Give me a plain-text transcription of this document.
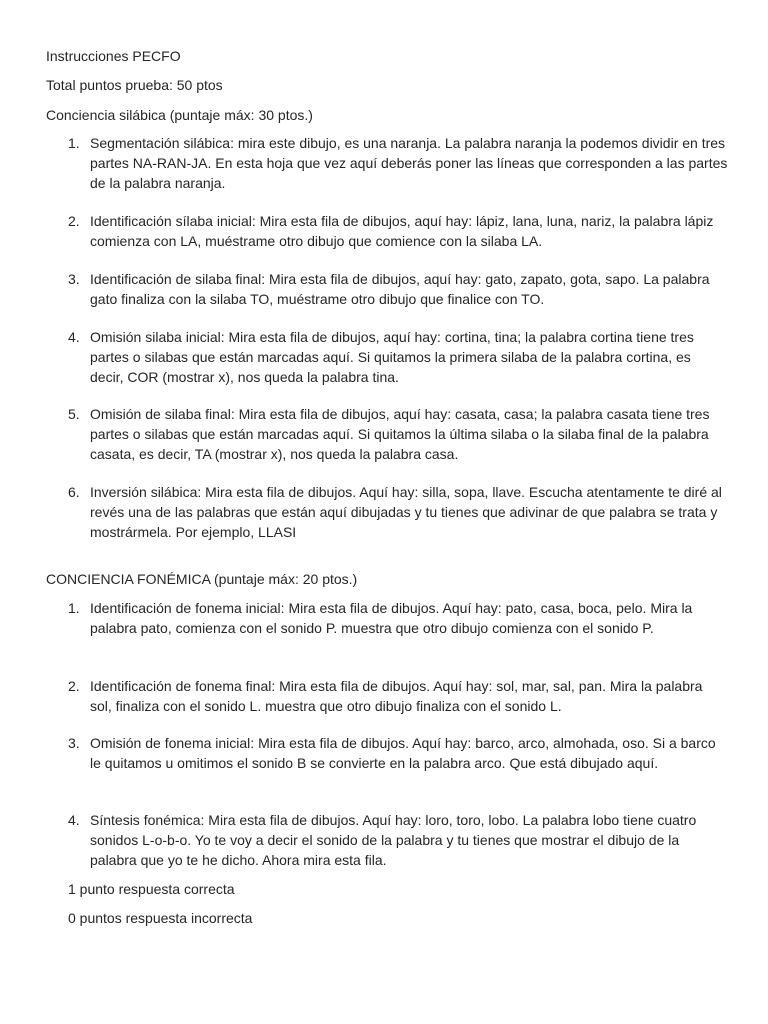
Instrucciones PECFO

Total puntos prueba: 50 ptos

Conciencia silábica (puntaje máx: 30 ptos.)

1. Segmentación silábica: mira este dibujo, es una naranja. La palabra naranja la podemos dividir en tres partes NA-RAN-JA. En esta hoja que vez aquí deberás poner las líneas que corresponden a las partes de la palabra naranja.
2. Identificación sílaba inicial: Mira esta fila de dibujos, aquí hay: lápiz, lana, luna, nariz, la palabra lápiz comienza con LA, muéstrame otro dibujo que comience con la silaba LA.
3. Identificación de silaba final: Mira esta fila de dibujos, aquí hay: gato, zapato, gota, sapo. La palabra gato finaliza con la silaba TO, muéstrame otro dibujo que finalice con TO.
4. Omisión silaba inicial: Mira esta fila de dibujos, aquí hay: cortina, tina; la palabra cortina tiene tres partes o silabas que están marcadas aquí. Si quitamos la primera silaba de la palabra cortina, es decir, COR (mostrar x), nos queda la palabra tina.
5. Omisión de silaba final: Mira esta fila de dibujos, aquí hay: casata, casa; la palabra casata tiene tres partes o silabas que están marcadas aquí. Si quitamos la última silaba o la silaba final de la palabra casata, es decir, TA (mostrar x), nos queda la palabra casa.
6. Inversión silábica: Mira esta fila de dibujos. Aquí hay: silla, sopa, llave. Escucha atentamente te diré al revés una de las palabras que están aquí dibujadas y tu tienes que adivinar de que palabra se trata y mostrármela. Por ejemplo, LLASI

CONCIENCIA FONÉMICA (puntaje máx: 20 ptos.)

1. Identificación de fonema inicial: Mira esta fila de dibujos. Aquí hay: pato, casa, boca, pelo. Mira la palabra pato, comienza con el sonido P. muestra que otro dibujo comienza con el sonido P.
2. Identificación de fonema final: Mira esta fila de dibujos. Aquí hay: sol, mar, sal, pan. Mira la palabra sol, finaliza con el sonido L. muestra que otro dibujo finaliza con el sonido L.
3. Omisión de fonema inicial: Mira esta fila de dibujos. Aquí hay: barco, arco, almohada, oso. Si a barco le quitamos u omitimos el sonido B se convierte en la palabra arco. Que está dibujado aquí.
4. Síntesis fonémica: Mira esta fila de dibujos. Aquí hay: loro, toro, lobo. La palabra lobo tiene cuatro sonidos L-o-b-o. Yo te voy a decir el sonido de la palabra y tu tienes que mostrar el dibujo de la palabra que yo te he dicho. Ahora mira esta fila.

1 punto respuesta correcta

0 puntos respuesta incorrecta
